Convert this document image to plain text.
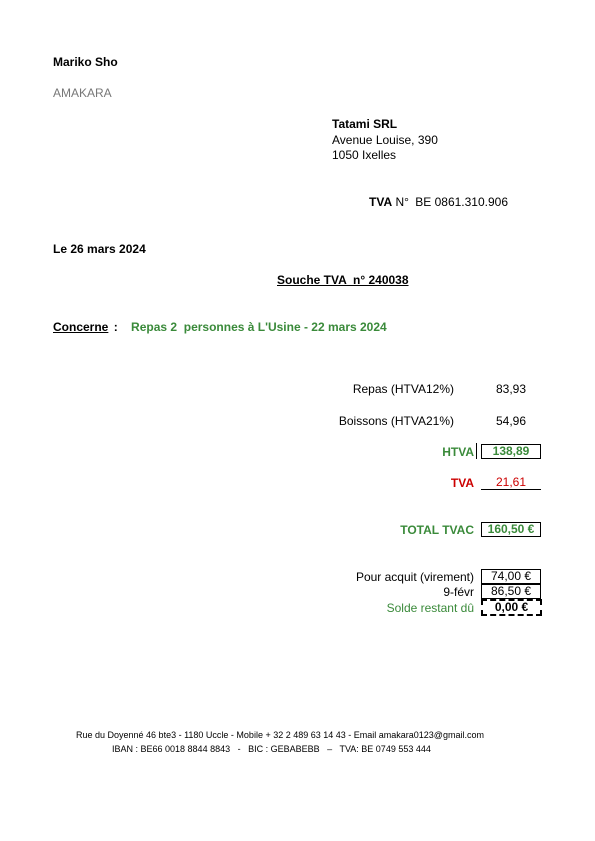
Mariko Sho
AMAKARA
Tatami SRL
Avenue Louise, 390
1050 Ixelles
TVA N° BE 0861.310.906
Le 26 mars 2024
Souche TVA  n° 240038
Concerne : Repas 2  personnes à L'Usine - 22 mars 2024
Repas (HTVA12%)	83,93
Boissons (HTVA21%)	54,96
HTVA	138,89
TVA	21,61
TOTAL TVAC	160,50 €
Pour acquit (virement)	74,00 €
9-févr	86,50 €
Solde restant dû	0,00 €
Rue du Doyenné 46 bte3 - 1180 Uccle - Mobile + 32 2 489 63 14 43 - Email amakara0123@gmail.com
IBAN : BE66 0018 8844 8843   -   BIC : GEBABEBB   –   TVA: BE 0749 553 444
